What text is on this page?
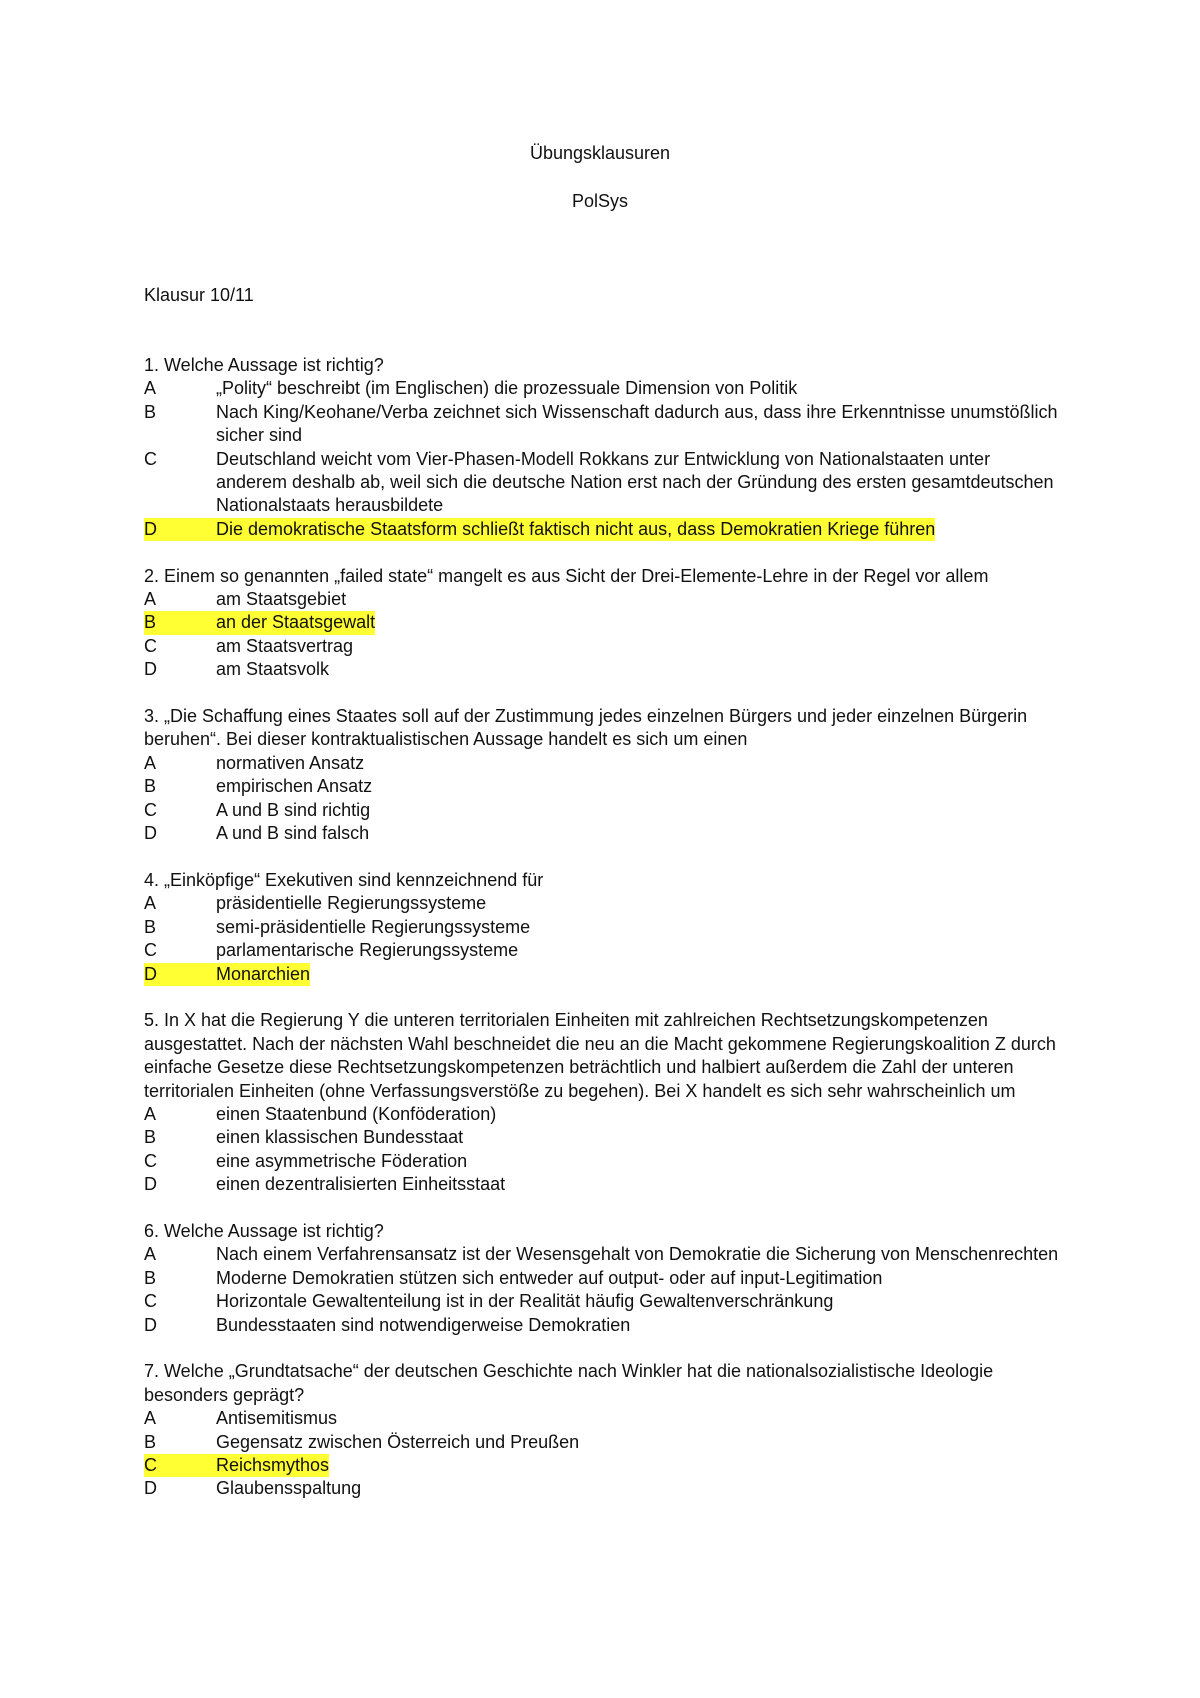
Übungsklausuren
PolSys
Klausur 10/11

1. Welche Aussage ist richtig?

A	„Polity“ beschreibt (im Englischen) die prozessuale Dimension von Politik
B	Nach King/Keohane/Verba zeichnet sich Wissenschaft dadurch aus, dass ihre Erkenntnisse unumstößlich sicher sind
C	Deutschland weicht vom Vier-Phasen-Modell Rokkans zur Entwicklung von Nationalstaaten unter anderem deshalb ab, weil sich die deutsche Nation erst nach der Gründung des ersten gesamtdeutschen Nationalstaats herausbildete
D	Die demokratische Staatsform schließt faktisch nicht aus, dass Demokratien Kriege führen

2. Einem so genannten „failed state“ mangelt es aus Sicht der Drei-Elemente-Lehre in der Regel vor allem

A	am Staatsgebiet
B	an der Staatsgewalt
C	am Staatsvertrag
D	am Staatsvolk

3. „Die Schaffung eines Staates soll auf der Zustimmung jedes einzelnen Bürgers und jeder einzelnen Bürgerin beruhen“. Bei dieser kontraktualistischen Aussage handelt es sich um einen

A	normativen Ansatz
B	empirischen Ansatz
C	A und B sind richtig
D	A und B sind falsch

4. „Einköpfige“ Exekutiven sind kennzeichnend für

A	präsidentielle Regierungssysteme
B	semi-präsidentielle Regierungssysteme
C	parlamentarische Regierungssysteme
D	Monarchien

5. In X hat die Regierung Y die unteren territorialen Einheiten mit zahlreichen Rechtsetzungskompetenzen ausgestattet. Nach der nächsten Wahl beschneidet die neu an die Macht gekommene Regierungskoalition Z durch einfache Gesetze diese Rechtsetzungskompetenzen beträchtlich und halbiert außerdem die Zahl der unteren territorialen Einheiten (ohne Verfassungsverstöße zu begehen). Bei X handelt es sich sehr wahrscheinlich um

A	einen Staatenbund (Konföderation)
B	einen klassischen Bundesstaat
C	eine asymmetrische Föderation
D	einen dezentralisierten Einheitsstaat

6. Welche Aussage ist richtig?

A	Nach einem Verfahrensansatz ist der Wesensgehalt von Demokratie die Sicherung von Menschenrechten
B	Moderne Demokratien stützen sich entweder auf output- oder auf input-Legitimation
C	Horizontale Gewaltenteilung ist in der Realität häufig Gewaltenverschränkung
D	Bundesstaaten sind notwendigerweise Demokratien

7. Welche „Grundtatsache“ der deutschen Geschichte nach Winkler hat die nationalsozialistische Ideologie besonders geprägt?

A	Antisemitismus
B	Gegensatz zwischen Österreich und Preußen
C	Reichsmythos
D	Glaubensspaltung
